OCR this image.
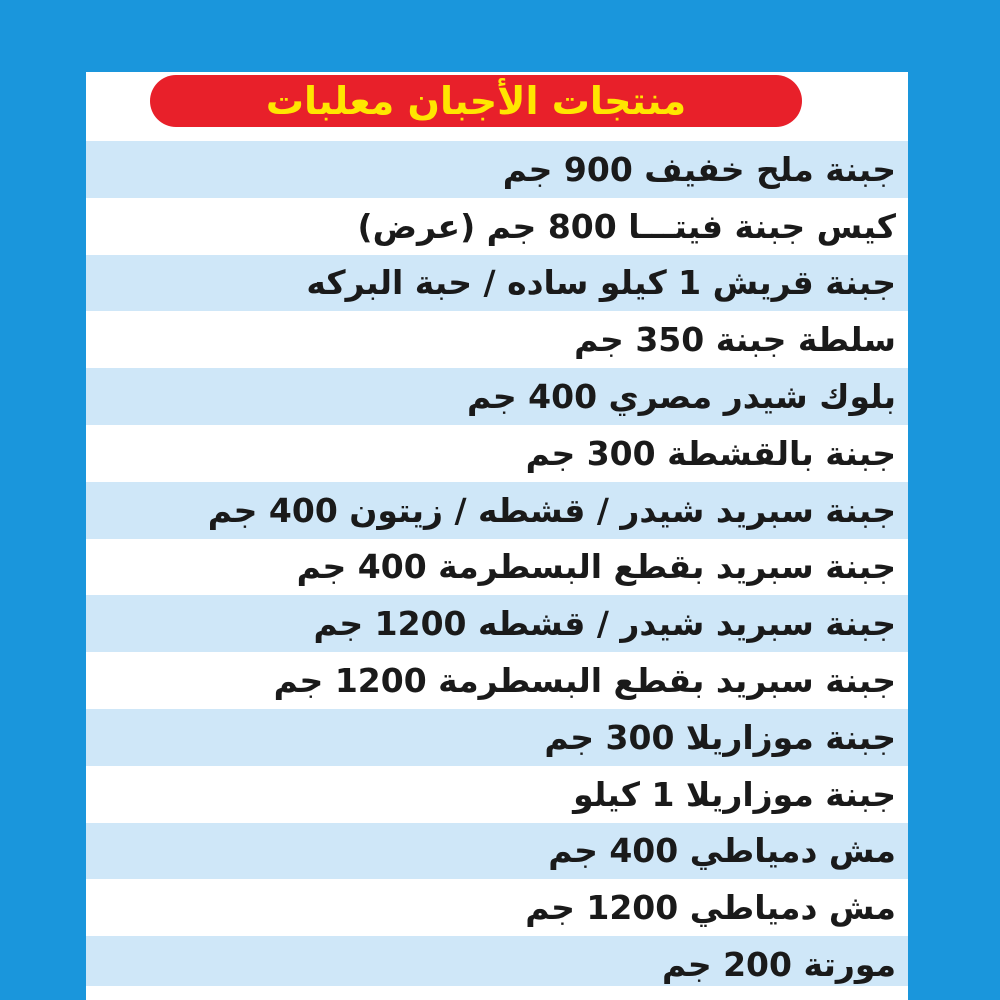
منتجات الأجبان معلبات
جبنة ملح خفيف 900 جم
كيس جبنة فيتـــا 800 جم (عرض)
جبنة قريش 1 كيلو ساده / حبة البركه
سلطة جبنة 350 جم
بلوك شيدر مصري 400 جم
جبنة بالقشطة 300 جم
جبنة سبريد شيدر / قشطه / زيتون 400 جم
جبنة سبريد بقطع البسطرمة 400 جم
جبنة سبريد شيدر / قشطه 1200 جم
جبنة سبريد بقطع البسطرمة 1200 جم
جبنة موزاريلا 300 جم
جبنة موزاريلا 1 كيلو
مش دمياطي 400 جم
مش دمياطي 1200 جم
مورتة 200 جم
